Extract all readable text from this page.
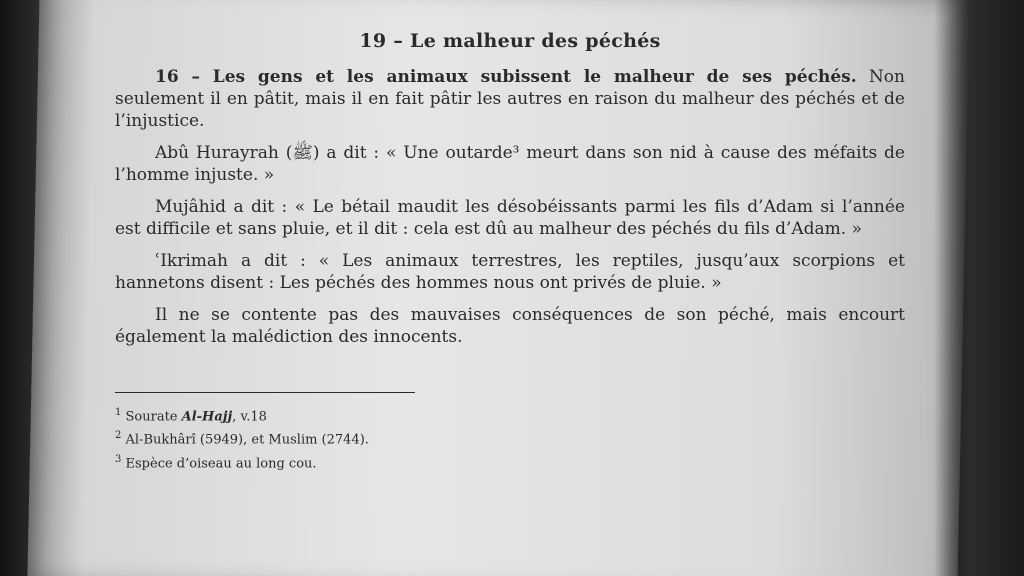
19 – Le malheur des péchés

16 – Les gens et les animaux subissent le malheur de ses péchés. Non seulement il en pâtit, mais il en fait pâtir les autres en raison du malheur des péchés et de l’injustice.

Abû Hurayrah (ﷺ) a dit : « Une outarde³ meurt dans son nid à cause des méfaits de l’homme injuste. »

Mujâhid a dit : « Le bétail maudit les désobéissants parmi les fils d’Adam si l’année est difficile et sans pluie, et il dit : cela est dû au malheur des péchés du fils d’Adam. »

ʿIkrimah a dit : « Les animaux terrestres, les reptiles, jusqu’aux scorpions et hannetons disent : Les péchés des hommes nous ont privés de pluie. »

Il ne se contente pas des mauvaises conséquences de son péché, mais encourt également la malédiction des innocents.

$^1$ Sourate Al-Hajj, v.18

$^2$ Al-Bukhârî (5949), et Muslim (2744).

$^3$ Espèce d’oiseau au long cou.
